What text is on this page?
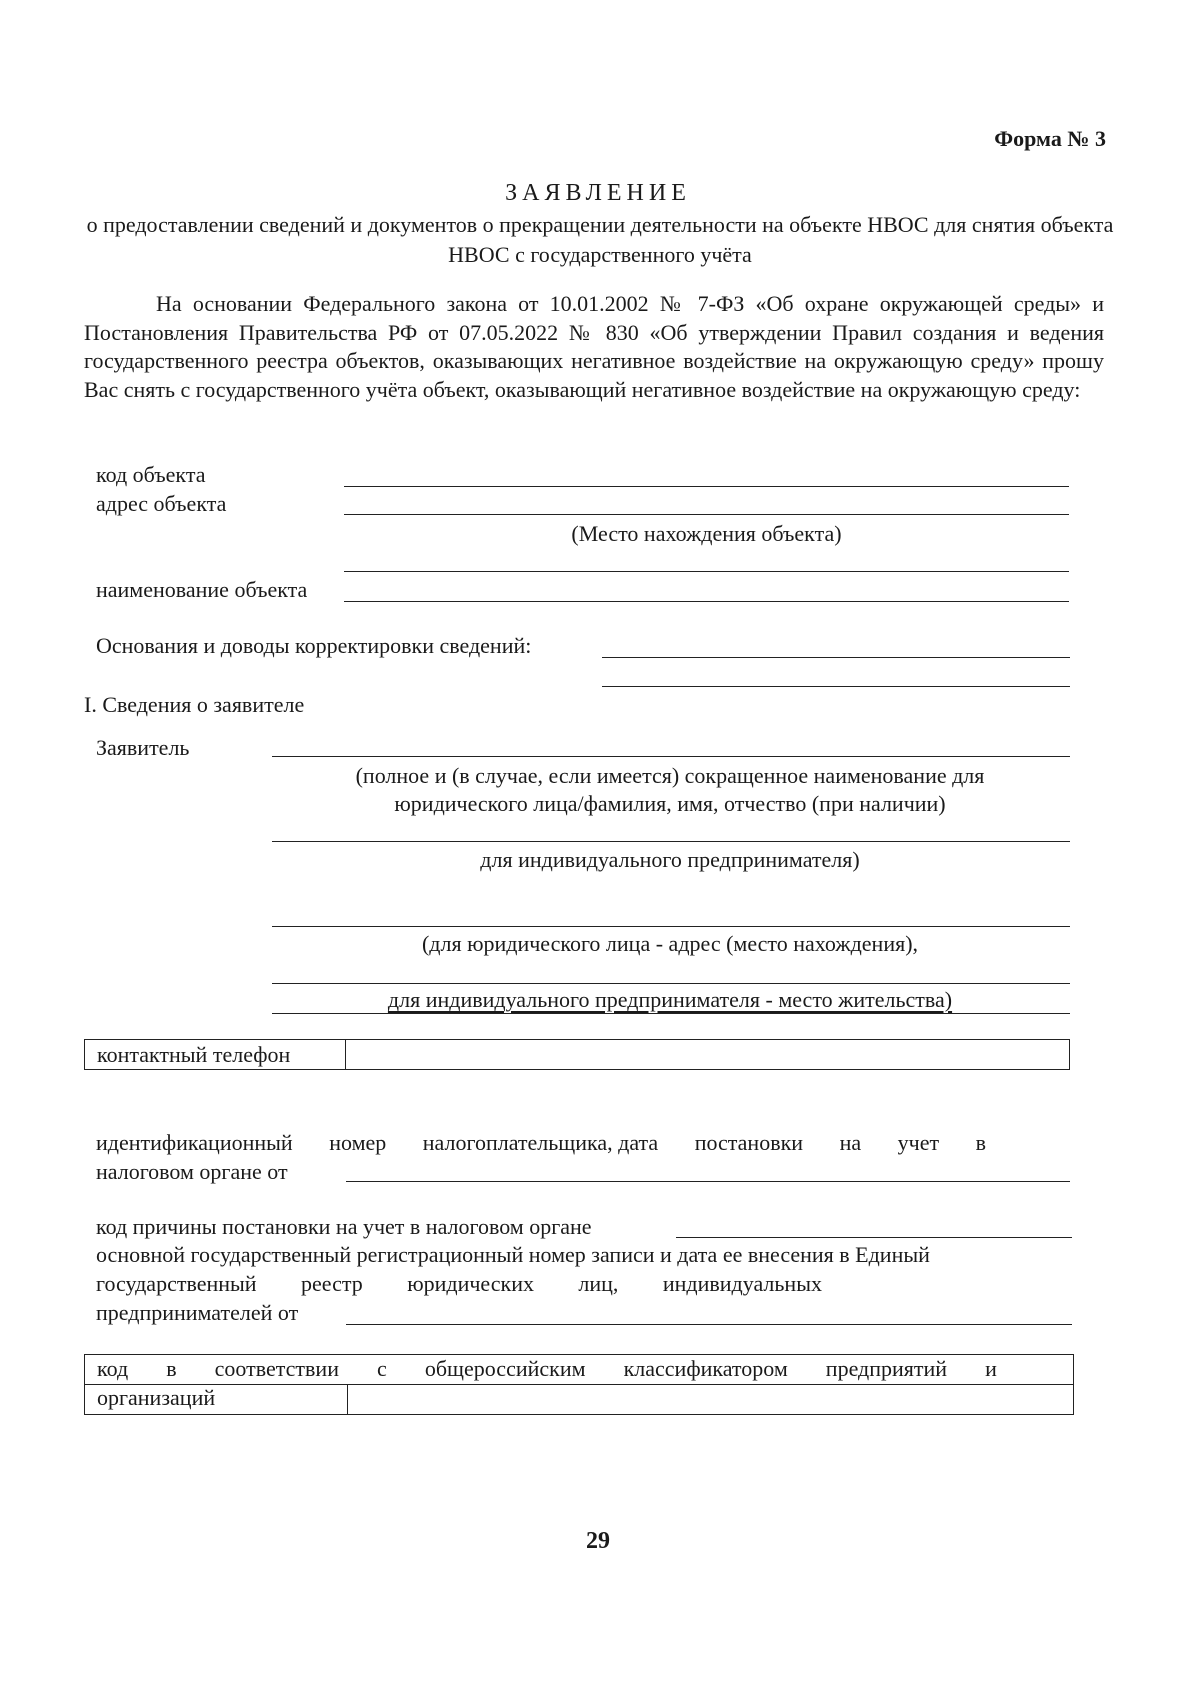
Форма № 3
ЗАЯВЛЕНИЕ
о предоставлении сведений и документов о прекращении деятельности на объекте НВОС для снятия объекта НВОС с государственного учёта
На основании Федерального закона от 10.01.2002 № 7-ФЗ «Об охране окружающей среды» и Постановления Правительства РФ от 07.05.2022 № 830 «Об утверждении Правил создания и ведения государственного реестра объектов, оказывающих негативное воздействие на окружающую среду» прошу Вас снять с государственного учёта объект, оказывающий негативное воздействие на окружающую среду:
код объекта
адрес объекта
(Место нахождения объекта)
наименование объекта
Основания и доводы корректировки сведений:
I. Сведения о заявителе
Заявитель
(полное и (в случае, если имеется) сокращенное наименование для юридического лица/фамилия, имя, отчество (при наличии)
для индивидуального предпринимателя)
(для юридического лица - адрес (место нахождения),
для индивидуального предпринимателя - место жительства)
контактный телефон
идентификационный номер налогоплательщика, дата постановки на учет в
налоговом органе от
код причины постановки на учет в налоговом органе
основной государственный регистрационный номер записи и дата ее внесения в Единый
государственный реестр юридических лиц, индивидуальных
предпринимателей от
код в соответствии с общероссийским классификатором предприятий и
организаций
29
